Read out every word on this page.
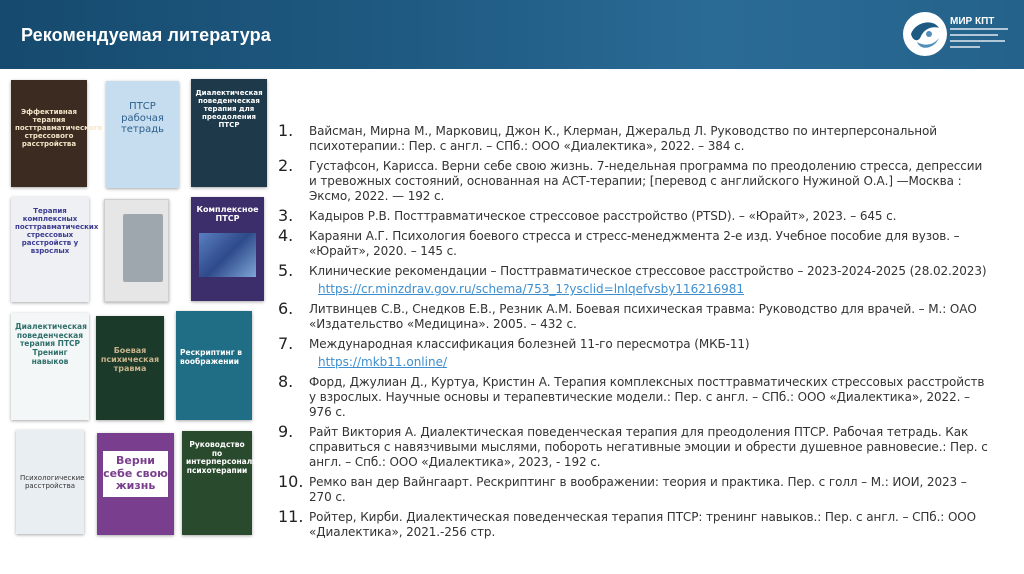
Рекомендуемая литература
МИР КПТ
Эффективная терапия посттравматического стрессового расстройства
ПТСР рабочая тетрадь
Диалектическая поведенческая терапия для преодоления ПТСР
Терапия комплексных посттравматических стрессовых расстройств у взрослых
Комплексное ПТСР
Диалектическая поведенческая терапия ПТСР Тренинг навыков
Боевая психическая травма
Рескриптинг в воображении
Психологические расстройства
Верни себе свою жизнь
Руководство по интерперсональной психотерапии
1.	Вайсман, Мирна М., Марковиц, Джон К., Клерман, Джеральд Л. Руководство по интерперсональной психотерапии.: Пер. с англ. – СПб.: ООО «Диалектика», 2022. – 384 с.
2.	Густафсон, Карисса. Верни себе свою жизнь. 7-недельная программа по преодолению стресса, депрессии и тревожных состояний, основанная на АСТ-терапии; [перевод с английского Нужиной О.А.] —Москва : Эксмо, 2022. — 192 с.
3.	Кадыров Р.В. Посттравматическое стрессовое расстройство (PTSD). – «Юрайт», 2023. – 645 с.
4.	Караяни А.Г. Психология боевого стресса и стресс-менеджмента 2-е изд. Учебное пособие для вузов. – «Юрайт», 2020. – 145 с.
5.	Клинические рекомендации – Посттравматическое стрессовое расстройство – 2023-2024-2025 (28.02.2023)
https://cr.minzdrav.gov.ru/schema/753_1?ysclid=lnlqefvsby116216981
6.	Литвинцев С.В., Снедков Е.В., Резник А.М. Боевая психическая травма: Руководство для врачей. – М.: ОАО «Издательство «Медицина». 2005. – 432 с.
7.	Международная классификация болезней 11-го пересмотра (МКБ-11)
https://mkb11.online/
8.	Форд, Джулиан Д., Куртуа, Кристин А. Терапия комплексных посттравматических стрессовых расстройств у взрослых. Научные основы и терапевтические модели.: Пер. с англ. – СПб.: ООО «Диалектика», 2022. – 976 с.
9.	Райт Виктория А. Диалектическая поведенческая терапия для преодоления ПТСР. Рабочая тетрадь. Как справиться с навязчивыми мыслями, побороть негативные эмоции и обрести душевное равновесие.: Пер. с англ. – Спб.: ООО «Диалектика», 2023, - 192 с.
10. Ремко ван дер Вайнгаарт. Рескриптинг в воображении: теория и практика. Пер. с голл – М.: ИОИ, 2023 – 270 с.
11. Ройтер, Кирби. Диалектическая поведенческая терапия ПТСР: тренинг навыков.: Пер. с англ. – СПб.: ООО «Диалектика», 2021.-256 стр.
